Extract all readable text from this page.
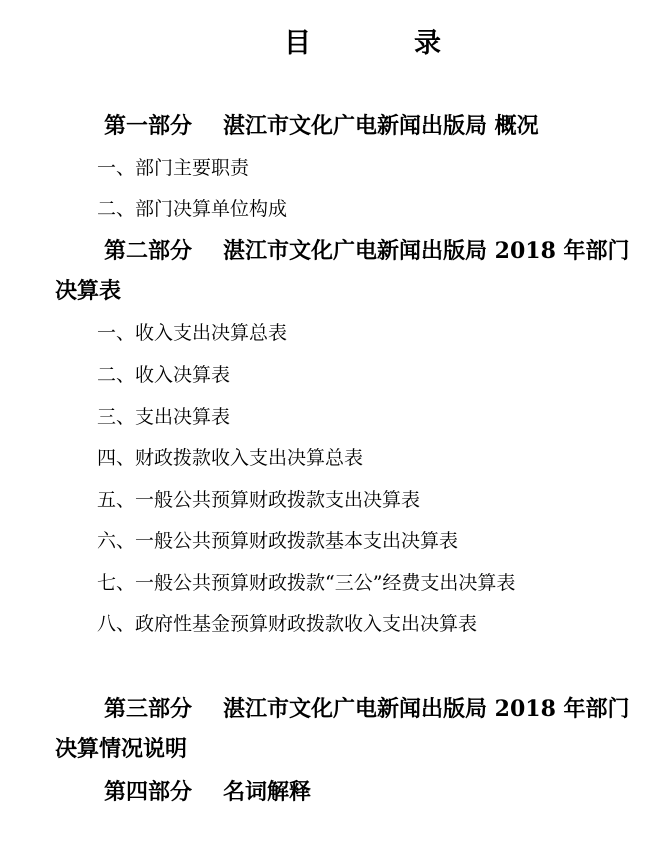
目	录
第一部分 湛江市文化广电新闻出版局 概况
一、部门主要职责
二、部门决算单位构成
第二部分 湛江市文化广电新闻出版局 2018 年部门
决算表
一、收入支出决算总表
二、收入决算表
三、支出决算表
四、财政拨款收入支出决算总表
五、一般公共预算财政拨款支出决算表
六、一般公共预算财政拨款基本支出决算表
七、一般公共预算财政拨款“三公”经费支出决算表
八、政府性基金预算财政拨款收入支出决算表
第三部分 湛江市文化广电新闻出版局 2018 年部门
决算情况说明
第四部分 名词解释
